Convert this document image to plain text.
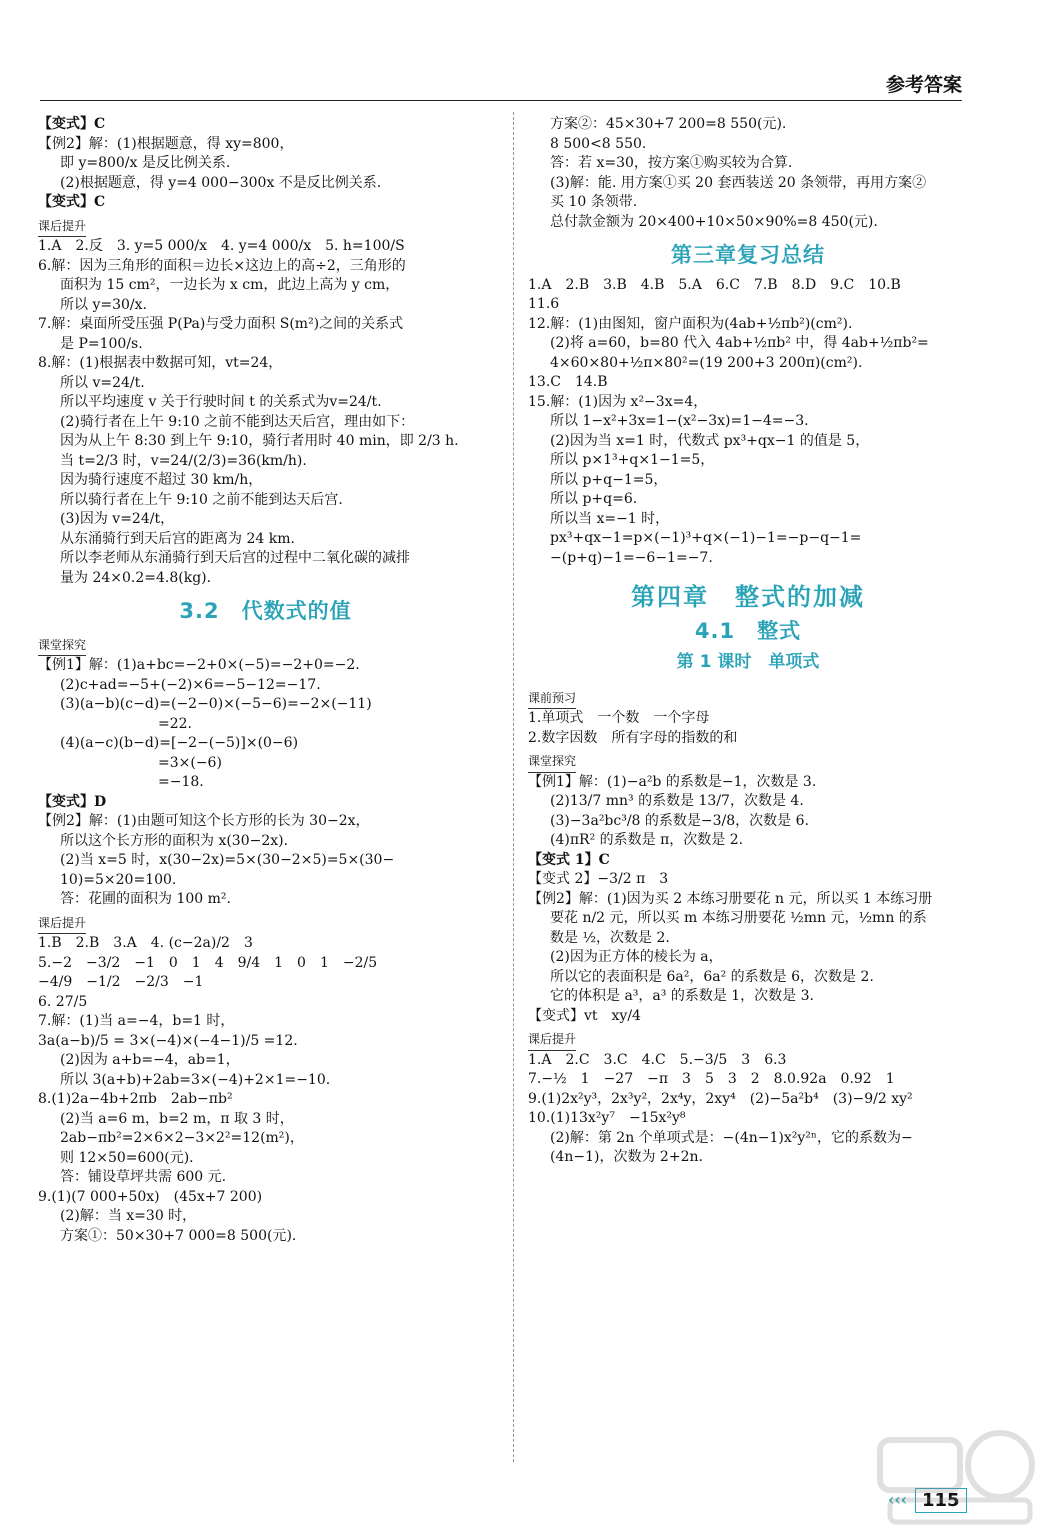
参考答案
【变式】C
【例2】解：(1)根据题意，得 xy=800，
即 y=800/x 是反比例关系.
(2)根据题意，得 y=4 000−300x 不是反比例关系.
【变式】C
课后提升
1.A　2.反　3. y=5 000/x　4. y=4 000/x　5. h=100/S
6.解：因为三角形的面积＝边长×这边上的高÷2，三角形的
面积为 15 cm²，一边长为 x cm，此边上高为 y cm，
所以 y=30/x.
7.解：桌面所受压强 P(Pa)与受力面积 S(m²)之间的关系式
是 P=100/s.
8.解：(1)根据表中数据可知，vt=24，
所以 v=24/t.
所以平均速度 v 关于行驶时间 t 的关系式为v=24/t.
(2)骑行者在上午 9:10 之前不能到达天后宫，理由如下：
因为从上午 8:30 到上午 9:10，骑行者用时 40 min，即 2/3 h.
当 t=2/3 时，v=24/(2/3)=36(km/h).
因为骑行速度不超过 30 km/h，
所以骑行者在上午 9:10 之前不能到达天后宫.
(3)因为 v=24/t，
从东涌骑行到天后宫的距离为 24 km.
所以李老师从东涌骑行到天后宫的过程中二氧化碳的减排
量为 24×0.2=4.8(kg).
3.2　代数式的值
课堂探究
【例1】解：(1)a+bc=−2+0×(−5)=−2+0=−2.
(2)c+ad=−5+(−2)×6=−5−12=−17.
(3)(a−b)(c−d)=(−2−0)×(−5−6)=−2×(−11)
　　　　　　　=22.
(4)(a−c)(b−d)=[−2−(−5)]×(0−6)
　　　　　　　=3×(−6)
　　　　　　　=−18.
【变式】D
【例2】解：(1)由题可知这个长方形的长为 30−2x，
所以这个长方形的面积为 x(30−2x).
(2)当 x=5 时，x(30−2x)=5×(30−2×5)=5×(30−
10)=5×20=100.
答：花圃的面积为 100 m².
课后提升
1.B　2.B　3.A　4. (c−2a)/2　3
5.−2　−3/2　−1　0　1　4　9/4　1　0　1　−2/5
−4/9　−1/2　−2/3　−1
6. 27/5
7.解：(1)当 a=−4，b=1 时，
3a(a−b)/5 = 3×(−4)×(−4−1)/5 =12.
(2)因为 a+b=−4，ab=1，
所以 3(a+b)+2ab=3×(−4)+2×1=−10.
8.(1)2a−4b+2πb　2ab−πb²
(2)当 a=6 m，b=2 m，π 取 3 时，
2ab−πb²=2×6×2−3×2²=12(m²)，
则 12×50=600(元).
答：铺设草坪共需 600 元.
9.(1)(7 000+50x)　(45x+7 200)
(2)解：当 x=30 时，
方案①：50×30+7 000=8 500(元).
方案②：45×30+7 200=8 550(元).
8 500<8 550.
答：若 x=30，按方案①购买较为合算.
(3)解：能. 用方案①买 20 套西装送 20 条领带，再用方案②
买 10 条领带.
总付款金额为 20×400+10×50×90%=8 450(元).
第三章复习总结
1.A　2.B　3.B　4.B　5.A　6.C　7.B　8.D　9.C　10.B
11.6
12.解：(1)由图知，窗户面积为(4ab+½πb²)(cm²).
(2)将 a=60，b=80 代入 4ab+½πb² 中，得 4ab+½πb²=
4×60×80+½π×80²=(19 200+3 200π)(cm²).
13.C　14.B
15.解：(1)因为 x²−3x=4，
所以 1−x²+3x=1−(x²−3x)=1−4=−3.
(2)因为当 x=1 时，代数式 px³+qx−1 的值是 5，
所以 p×1³+q×1−1=5，
所以 p+q−1=5，
所以 p+q=6.
所以当 x=−1 时，
px³+qx−1=p×(−1)³+q×(−1)−1=−p−q−1=
−(p+q)−1=−6−1=−7.
第四章　整式的加减
4.1　整式
第 1 课时　单项式
课前预习
1.单项式　一个数　一个字母
2.数字因数　所有字母的指数的和
课堂探究
【例1】解：(1)−a²b 的系数是−1，次数是 3.
(2)13/7 mn³ 的系数是 13/7，次数是 4.
(3)−3a²bc³/8 的系数是−3/8，次数是 6.
(4)πR² 的系数是 π，次数是 2.
【变式 1】C
【变式 2】−3/2 π　3
【例2】解：(1)因为买 2 本练习册要花 n 元，所以买 1 本练习册
要花 n/2 元，所以买 m 本练习册要花 ½mn 元，½mn 的系
数是 ½，次数是 2.
(2)因为正方体的棱长为 a，
所以它的表面积是 6a²，6a² 的系数是 6，次数是 2.
它的体积是 a³，a³ 的系数是 1，次数是 3.
【变式】vt　xy/4
课后提升
1.A　2.C　3.C　4.C　5.−3/5　3　6.3
7.−½　1　−27　−π　3　5　3　2　8.0.92a　0.92　1
9.(1)2x²y³，2x³y²，2x⁴y，2xy⁴　(2)−5a²b⁴　(3)−9/2 xy²
10.(1)13x²y⁷　−15x²y⁸
(2)解：第 2n 个单项式是：−(4n−1)x²y²ⁿ，它的系数为−
(4n−1)，次数为 2+2n.
‹‹‹ 115
